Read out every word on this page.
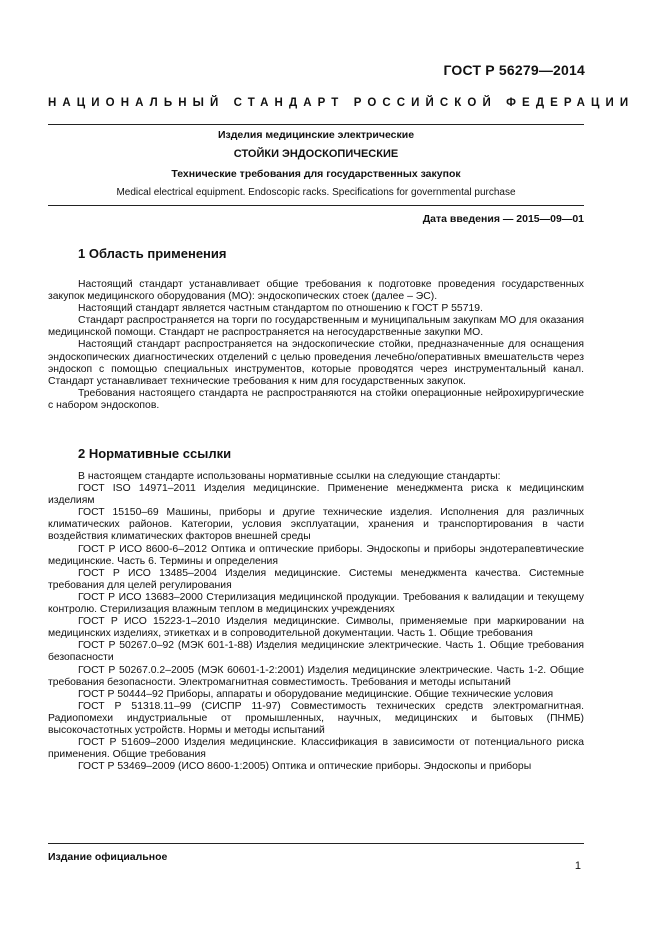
ГОСТ Р 56279—2014
НАЦИОНАЛЬНЫЙ СТАНДАРТ РОССИЙСКОЙ ФЕДЕРАЦИИ
Изделия медицинские электрические
СТОЙКИ ЭНДОСКОПИЧЕСКИЕ
Технические требования для государственных закупок
Medical electrical equipment. Endoscopic racks. Specifications for governmental purchase
Дата введения — 2015—09—01
1 Область применения

Настоящий стандарт устанавливает общие требования к подготовке проведения государственных закупок медицинского оборудования (МО): эндоскопических стоек (далее – ЭС).

Настоящий стандарт является частным стандартом по отношению к ГОСТ Р 55719.

Стандарт распространяется на торги по государственным и муниципальным закупкам МО для оказания медицинской помощи. Стандарт не распространяется на негосударственные закупки МО.

Настоящий стандарт распространяется на эндоскопические стойки, предназначенные для оснащения эндоскопических диагностических отделений с целью проведения лечебно/оперативных вмешательств через эндоскоп с помощью специальных инструментов, которые проводятся через инструментальный канал. Стандарт устанавливает технические требования к ним для государственных закупок.

Требования настоящего стандарта не распространяются на стойки операционные нейрохирургические с набором эндоскопов.

2 Нормативные ссылки

В настоящем стандарте использованы нормативные ссылки на следующие стандарты:

ГОСТ ISO 14971–2011 Изделия медицинские. Применение менеджмента риска к медицинским изделиям

ГОСТ 15150–69 Машины, приборы и другие технические изделия. Исполнения для различных климатических районов. Категории, условия эксплуатации, хранения и транспортирования в части воздействия климатических факторов внешней среды

ГОСТ Р ИСО 8600-6–2012 Оптика и оптические приборы. Эндоскопы и приборы эндотерапевтические медицинские. Часть 6. Термины и определения

ГОСТ Р ИСО 13485–2004 Изделия медицинские. Системы менеджмента качества. Системные требования для целей регулирования

ГОСТ Р ИСО 13683–2000 Стерилизация медицинской продукции. Требования к валидации и текущему контролю. Стерилизация влажным теплом в медицинских учреждениях

ГОСТ Р ИСО 15223-1–2010 Изделия медицинские. Символы, применяемые при маркировании на медицинских изделиях, этикетках и в сопроводительной документации. Часть 1. Общие требования

ГОСТ Р 50267.0–92 (МЭК 601-1-88) Изделия медицинские электрические. Часть 1. Общие требования безопасности

ГОСТ Р 50267.0.2–2005 (МЭК 60601-1-2:2001) Изделия медицинские электрические. Часть 1-2. Общие требования безопасности. Электромагнитная совместимость. Требования и методы испытаний

ГОСТ Р 50444–92 Приборы, аппараты и оборудование медицинские. Общие технические условия

ГОСТ Р 51318.11–99 (СИСПР 11-97) Совместимость технических средств электромагнитная. Радиопомехи индустриальные от промышленных, научных, медицинских и бытовых (ПНМБ) высокочастотных устройств. Нормы и методы испытаний

ГОСТ Р 51609–2000 Изделия медицинские. Классификация в зависимости от потенциального риска применения. Общие требования

ГОСТ Р 53469–2009 (ИСО 8600-1:2005) Оптика и оптические приборы. Эндоскопы и приборы

Издание официальное
1
